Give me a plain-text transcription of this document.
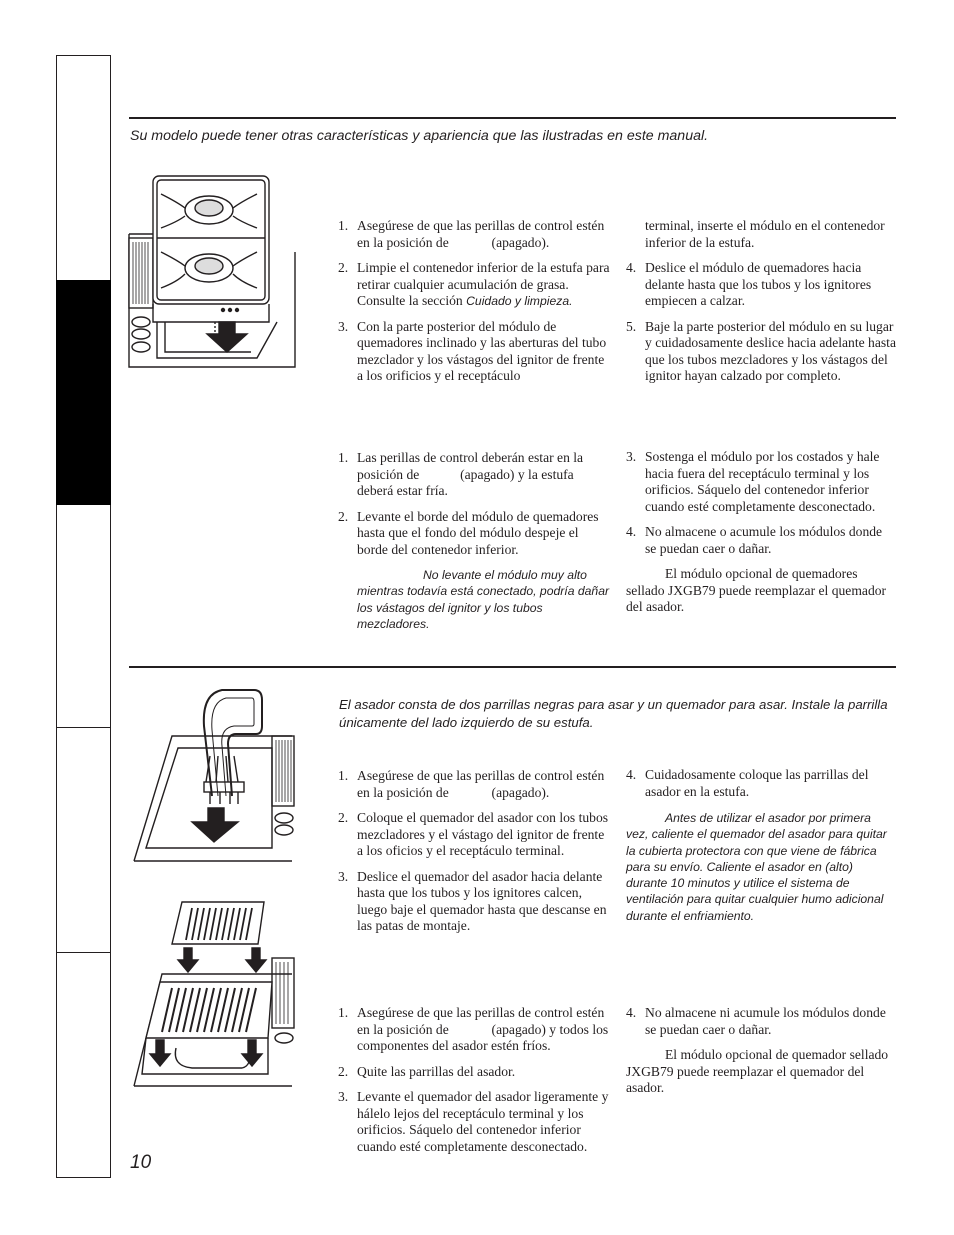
Su modelo puede tener otras características y apariencia que las ilustradas en este manual.
1. Asegúrese de que las perillas de control estén en la posición de	(apagado).
2. Limpie el contenedor inferior de la estufa para retirar cualquier acumulación de grasa. Consulte la sección Cuidado y limpieza.
3. Con la parte posterior del módulo de quemadores inclinado y las aberturas del tubo mezclador y los vástagos del ignitor de frente a los orificios y el receptáculo

terminal, inserte el módulo en el contenedor inferior de la estufa.

4. Deslice el módulo de quemadores hacia delante hasta que los tubos y los ignitores empiecen a calzar.
5. Baje la parte posterior del módulo en su lugar y cuidadosamente deslice hacia adelante hasta que los tubos mezcladores y los vástagos del ignitor hayan calzado por completo.
1. Las perillas de control deberán estar en la posición de	(apagado) y la estufa deberá estar fría.
2. Levante el borde del módulo de quemadores hasta que el fondo del módulo despeje el borde del contenedor inferior.

No levante el módulo muy alto mientras todavía está conectado, podría dañar los vástagos del ignitor y los tubos mezcladores.

3. Sostenga el módulo por los costados y hale hacia fuera del receptáculo terminal y los orificios. Sáquelo del contenedor inferior cuando esté completamente desconectado.
4. No almacene o acumule los módulos donde se puedan caer o dañar.

El módulo opcional de quemadores sellado JXGB79 puede reemplazar el quemador del asador.

El asador consta de dos parrillas negras para asar y un quemador para asar. Instale la parrilla únicamente del lado izquierdo de su estufa.
1. Asegúrese de que las perillas de control estén en la posición de	(apagado).
2. Coloque el quemador del asador con los tubos mezcladores y el vástago del ignitor de frente a los oficios y el receptáculo terminal.
3. Deslice el quemador del asador hacia delante hasta que los tubos y los ignitores calcen, luego baje el quemador hasta que descanse en las patas de montaje.
4. Cuidadosamente coloque las parrillas del asador en la estufa.

Antes de utilizar el asador por primera vez, caliente el quemador del asador para quitar la cubierta protectora con que viene de fábrica para su envío. Caliente el asador en (alto) durante 10 minutos y utilice el sistema de ventilación para quitar cualquier humo adicional durante el enfriamiento.

1. Asegúrese de que las perillas de control estén en la posición de	(apagado) y todos los componentes del asador estén fríos.
2. Quite las parrillas del asador.
3. Levante el quemador del asador ligeramente y hálelo lejos del receptáculo terminal y los orificios. Sáquelo del contenedor inferior cuando esté completamente desconectado.
4. No almacene ni acumule los módulos donde se puedan caer o dañar.

El módulo opcional de quemador sellado JXGB79 puede reemplazar el quemador del asador.

10
